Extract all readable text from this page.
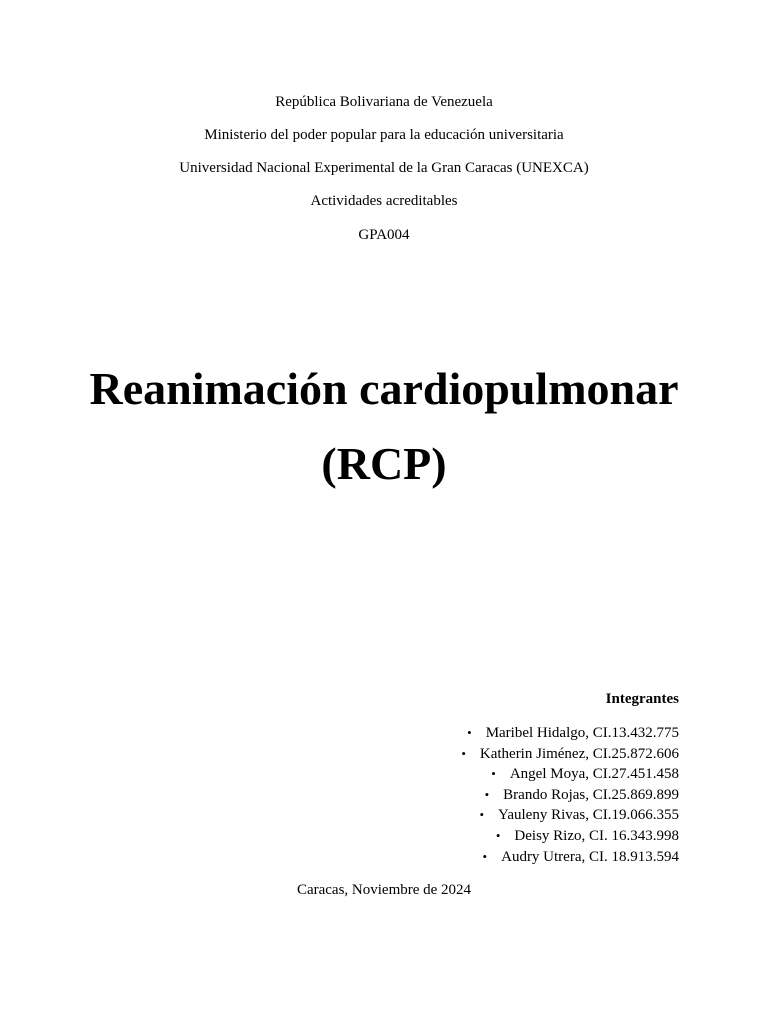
República Bolivariana de Venezuela
Ministerio del poder popular para la educación universitaria
Universidad Nacional Experimental de la Gran Caracas (UNEXCA)
Actividades acreditables
GPA004
Reanimación cardiopulmonar
(RCP)
Integrantes
• Maribel Hidalgo, CI.13.432.775
• Katherin Jiménez, CI.25.872.606
• Angel Moya, CI.27.451.458
• Brando Rojas, CI.25.869.899
• Yauleny Rivas, CI.19.066.355
• Deisy Rizo, CI. 16.343.998
• Audry Utrera, CI. 18.913.594
Caracas, Noviembre de 2024
